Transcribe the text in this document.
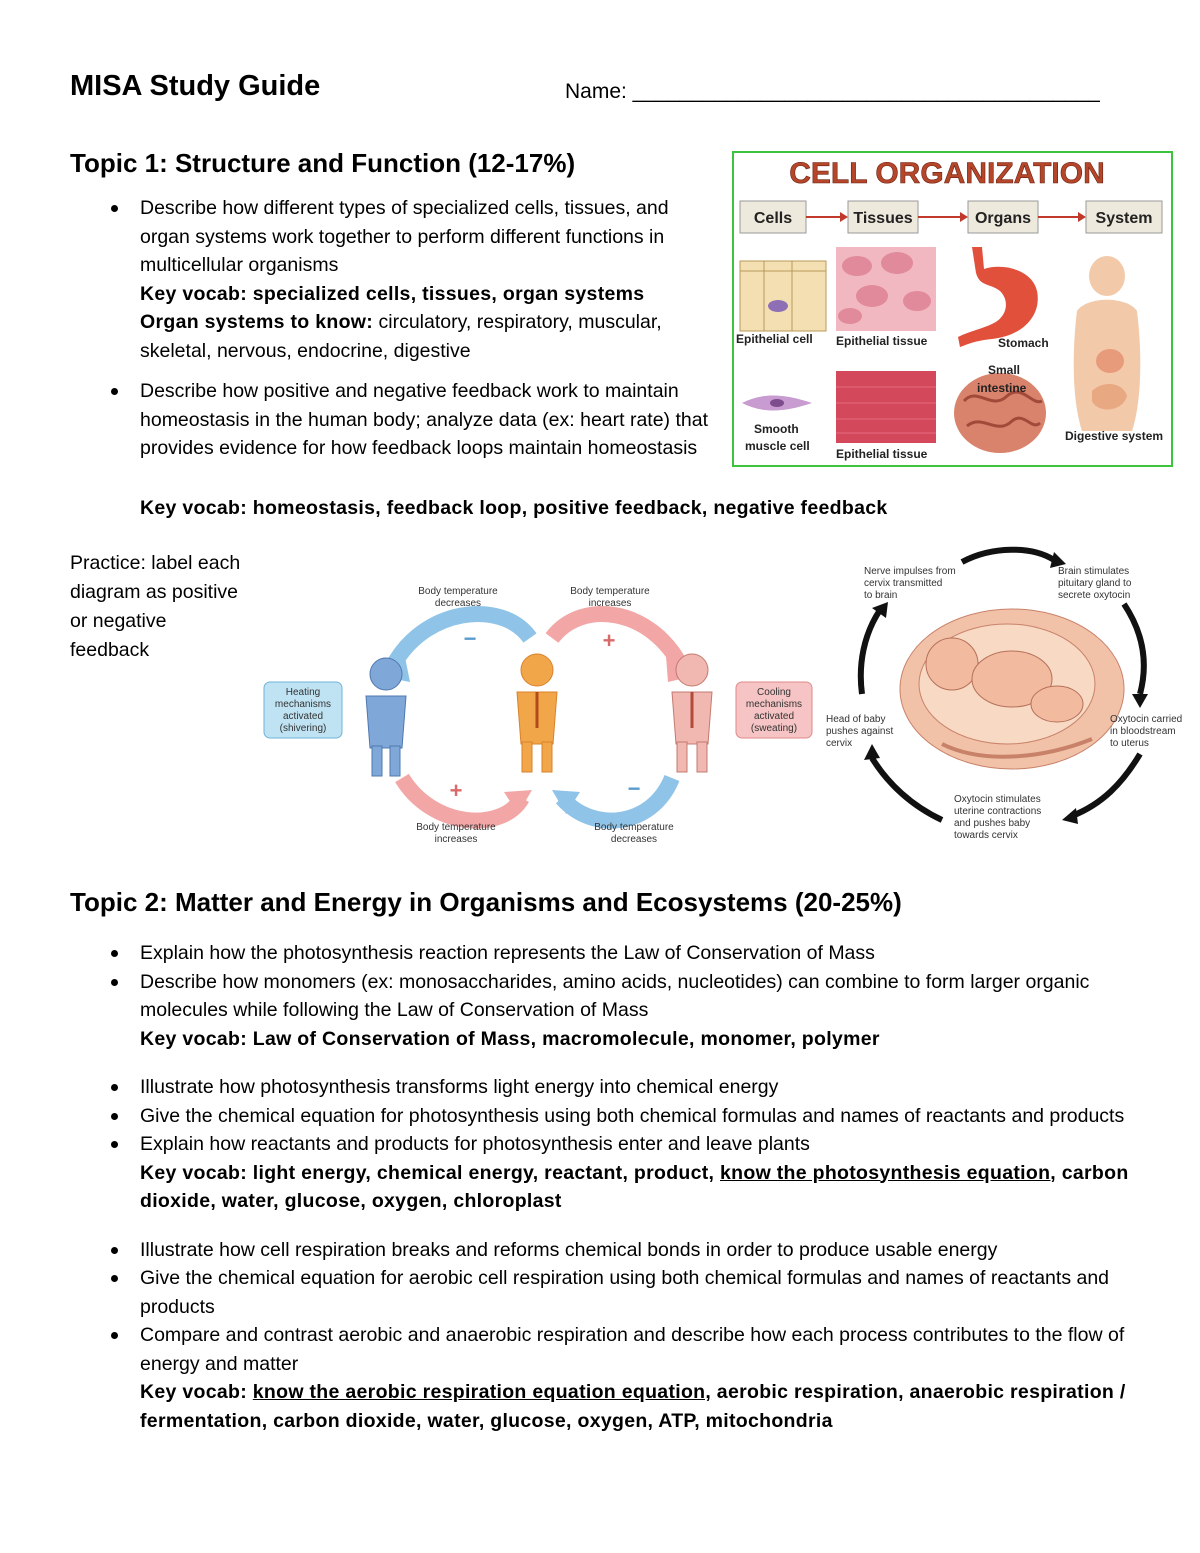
MISA Study Guide	Name: ________________________________________
Topic 1: Structure and Function (12-17%)
Describe how different types of specialized cells, tissues, and organ systems work together to perform different functions in multicellular organisms
Key vocab: specialized cells, tissues, organ systems
Organ systems to know: circulatory, respiratory, muscular, skeletal, nervous, endocrine, digestive
Describe how positive and negative feedback work to maintain homeostasis in the human body; analyze data (ex: heart rate) that provides evidence for how feedback loops maintain homeostasis
Key vocab: homeostasis, feedback loop, positive feedback, negative feedback
CELL ORGANIZATION
Cells	Tissues	Organs	System
Epithelial cell Epithelial tissue	Stomach
Smooth
muscle cell
Epithelial tissue
Small
intestine
Digestive system
Practice: label each diagram as positive or negative feedback	−	+
+	−
Heating
mechanisms
activated
(shivering)
Cooling
mechanisms
activated
(sweating)
Body temperature
decreases
Body temperature
increases
Body temperature
increases
Body temperature
decreases
Nerve impulses from
cervix transmitted
to brain
Brain stimulates
pituitary gland to
secrete oxytocin
Oxytocin carried
in bloodstream
to uterus
Oxytocin stimulates
uterine contractions
and pushes baby
towards cervix
Head of baby
pushes against
cervix
Topic 2: Matter and Energy in Organisms and Ecosystems (20-25%)
Explain how the photosynthesis reaction represents the Law of Conservation of Mass
Describe how monomers (ex: monosaccharides, amino acids, nucleotides) can combine to form larger organic molecules while following the Law of Conservation of Mass
Key vocab: Law of Conservation of Mass, macromolecule, monomer, polymer
Illustrate how photosynthesis transforms light energy into chemical energy
Give the chemical equation for photosynthesis using both chemical formulas and names of reactants and products
Explain how reactants and products for photosynthesis enter and leave plants
Key vocab: light energy, chemical energy, reactant, product, know the photosynthesis equation, carbon dioxide, water, glucose, oxygen, chloroplast
Illustrate how cell respiration breaks and reforms chemical bonds in order to produce usable energy
Give the chemical equation for aerobic cell respiration using both chemical formulas and names of reactants and products
Compare and contrast aerobic and anaerobic respiration and describe how each process contributes to the flow of energy and matter
Key vocab: know the aerobic respiration equation equation, aerobic respiration, anaerobic respiration / fermentation, carbon dioxide, water, glucose, oxygen, ATP, mitochondria
